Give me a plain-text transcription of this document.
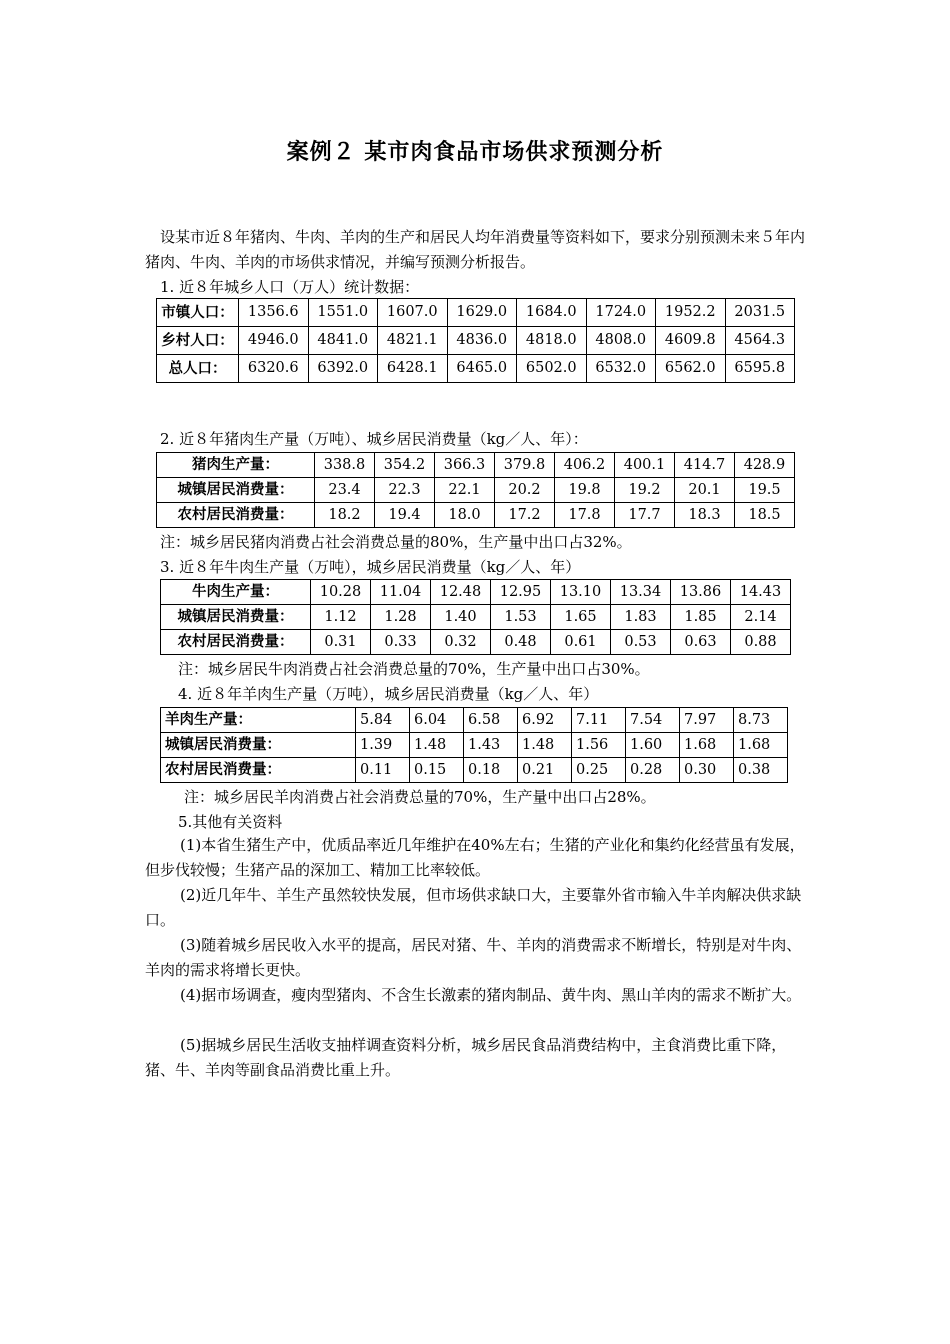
案例２ 某市肉食品市场供求预测分析

设某市近８年猪肉、牛肉、羊肉的生产和居民人均年消费量等资料如下，要求分别预测未来５年内猪肉、牛肉、羊肉的市场供求情况，并编写预测分析报告。

1. 近８年城乡人口（万人）统计数据：
市镇人口：	1356.6	1551.0	1607.0	1629.0	1684.0	1724.0	1952.2	2031.5
乡村人口：	4946.0	4841.0	4821.1	4836.0	4818.0	4808.0	4609.8	4564.3
总人口：	6320.6	6392.0	6428.1	6465.0	6502.0	6532.0	6562.0	6595.8
2. 近８年猪肉生产量（万吨）、城乡居民消费量（kg／人、年）：
猪肉生产量：	338.8	354.2	366.3	379.8	406.2	400.1	414.7	428.9
城镇居民消费量：	23.4	22.3	22.1	20.2	19.8	19.2	20.1	19.5
农村居民消费量：	18.2	19.4	18.0	17.2	17.8	17.7	18.3	18.5
注：城乡居民猪肉消费占社会消费总量的80%，生产量中出口占32%。
3. 近８年牛肉生产量（万吨），城乡居民消费量（kg／人、年）
牛肉生产量：	10.28	11.04	12.48	12.95	13.10	13.34	13.86	14.43
城镇居民消费量：	1.12	1.28	1.40	1.53	1.65	1.83	1.85	2.14
农村居民消费量：	0.31	0.33	0.32	0.48	0.61	0.53	0.63	0.88
注：城乡居民牛肉消费占社会消费总量的70%，生产量中出口占30%。
4. 近８年羊肉生产量（万吨），城乡居民消费量（kg／人、年）
羊肉生产量：	5.84	6.04	6.58	6.92	7.11	7.54	7.97	8.73
城镇居民消费量：	1.39	1.48	1.43	1.48	1.56	1.60	1.68	1.68
农村居民消费量：	0.11	0.15	0.18	0.21	0.25	0.28	0.30	0.38
注：城乡居民羊肉消费占社会消费总量的70%，生产量中出口占28%。
5.其他有关资料

(1)本省生猪生产中，优质品率近几年维护在40%左右；生猪的产业化和集约化经营虽有发展，但步伐较慢；生猪产品的深加工、精加工比率较低。

(2)近几年牛、羊生产虽然较快发展，但市场供求缺口大，主要靠外省市输入牛羊肉解决供求缺口。

(3)随着城乡居民收入水平的提高，居民对猪、牛、羊肉的消费需求不断增长，特别是对牛肉、羊肉的需求将增长更快。

(4)据市场调查，瘦肉型猪肉、不含生长激素的猪肉制品、黄牛肉、黑山羊肉的需求不断扩大。

(5)据城乡居民生活收支抽样调查资料分析，城乡居民食品消费结构中，主食消费比重下降，猪、牛、羊肉等副食品消费比重上升。
